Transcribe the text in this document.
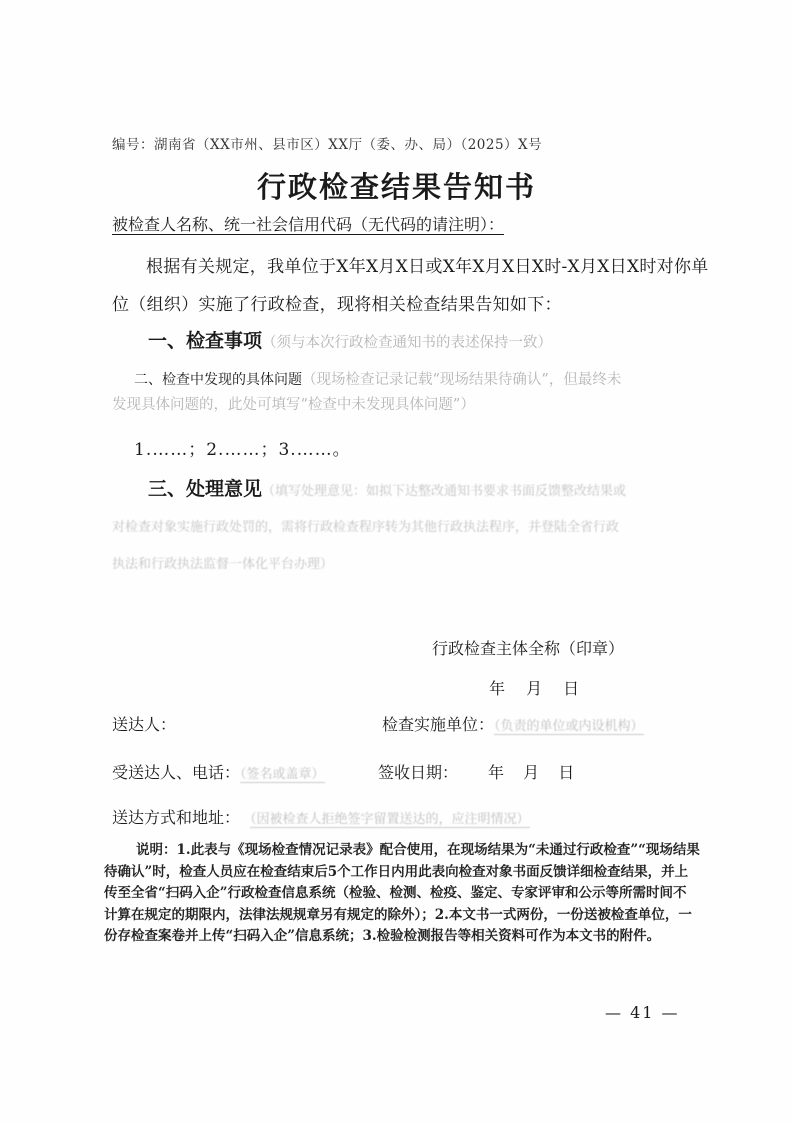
编号：湖南省（XX市州、县市区）XX厅（委、办、局）（2025）X号
行政检查结果告知书
被检查人名称、统一社会信用代码（无代码的请注明）：
根据有关规定，我单位于X年X月X日或X年X月X日X时-X月X日X时对你单位（组织）实施了行政检查，现将相关检查结果告知如下：
一、检查事项（须与本次行政检查通知书的表述保持一致）
二、检查中发现的具体问题（现场检查记录记载“现场结果待确认”，但最终未
发现具体问题的，此处可填写“检查中未发现具体问题”）
1.……；2.……；3.……。
三、处理意见（填写处理意见：如拟下达整改通知书要求书面反馈整改结果或
对检查对象实施行政处罚的，需将行政检查程序转为其他行政执法程序，并登陆全省行政
执法和行政执法监督一体化平台办理）
行政检查主体全称（印章）
年 月 日
送达人：	检查实施单位：（负责的单位或内设机构）
受送达人、电话：（签名或盖章）	签收日期： 年 月 日
送达方式和地址： （因被检查人拒绝签字留置送达的，应注明情况）
说明：1.此表与《现场检查情况记录表》配合使用，在现场结果为“未通过行政检查”“现场结果待确认”时，检查人员应在检查结束后5个工作日内用此表向检查对象书面反馈详细检查结果，并上传至全省“扫码入企”行政检查信息系统（检验、检测、检疫、鉴定、专家评审和公示等所需时间不计算在规定的期限内，法律法规规章另有规定的除外）；2.本文书一式两份，一份送被检查单位，一份存检查案卷并上传“扫码入企”信息系统；3.检验检测报告等相关资料可作为本文书的附件。
— 41 —
